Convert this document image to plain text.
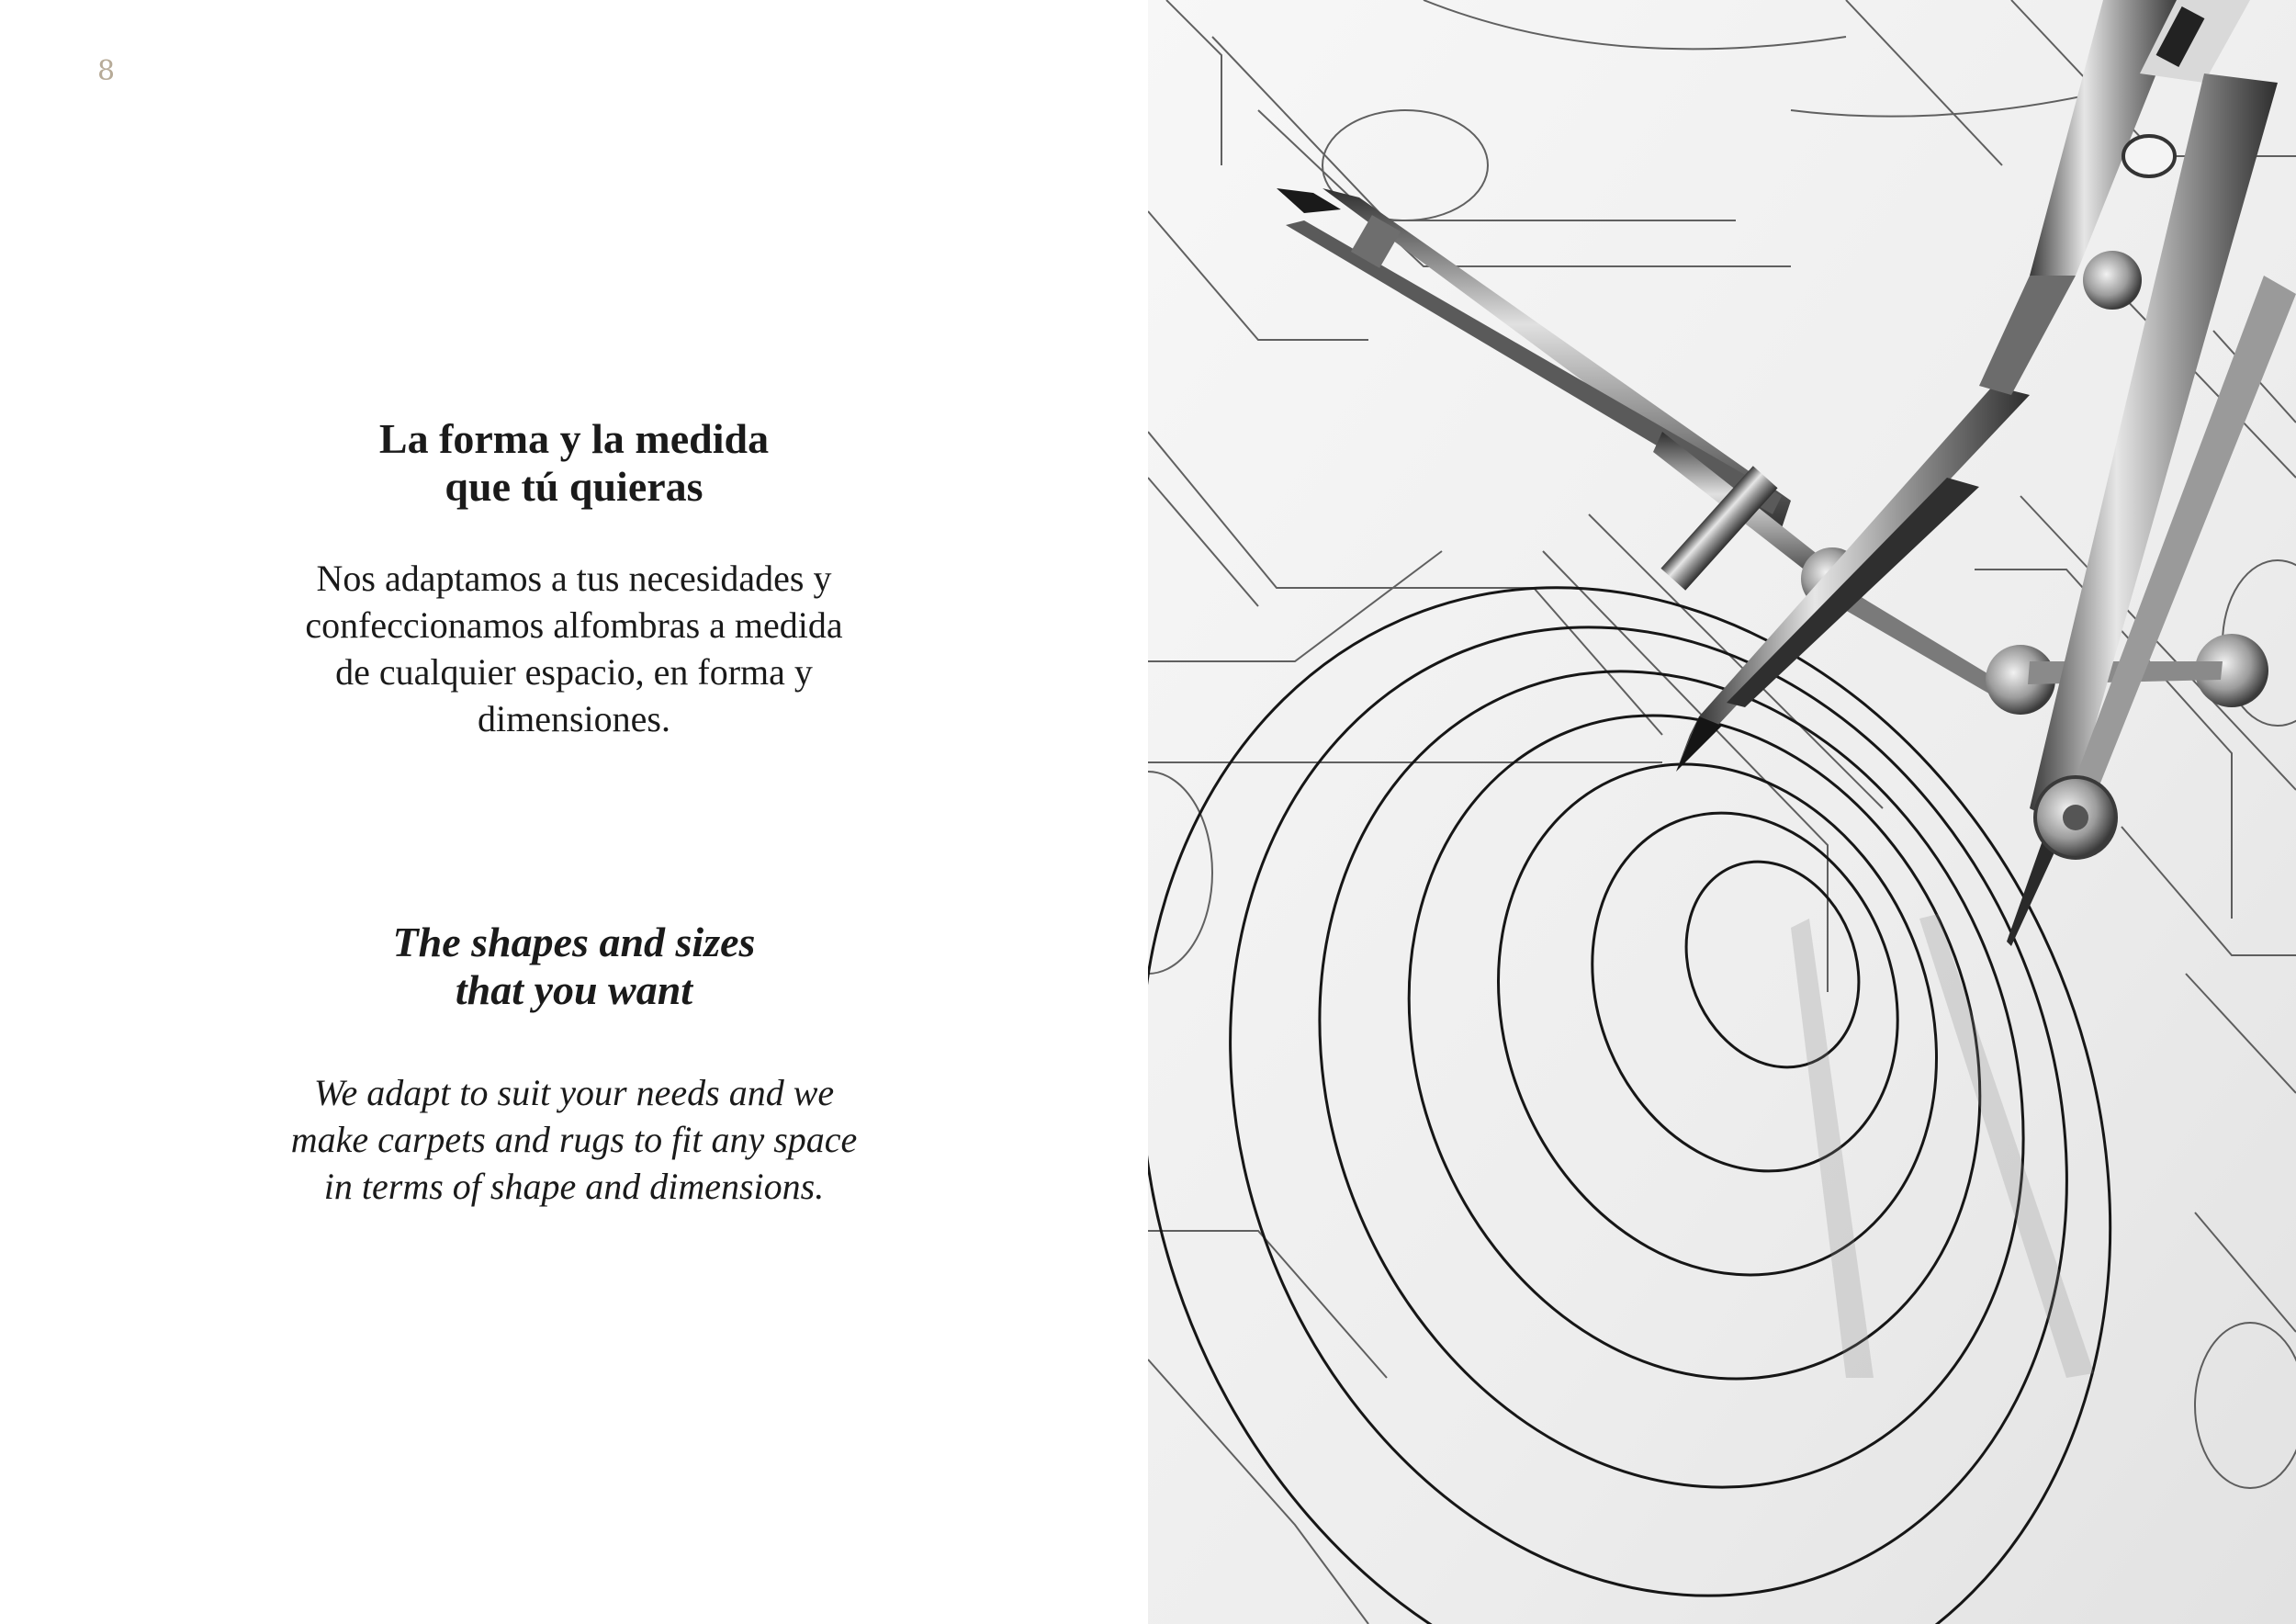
8
La forma y la medida
que tú quieras

Nos adaptamos a tus necesidades y
confeccionamos alfombras a medida
de cualquier espacio, en forma y
dimensiones.

The shapes and sizes
that you want

We adapt to suit your needs and we
make carpets and rugs to fit any space
in terms of shape and dimensions.
